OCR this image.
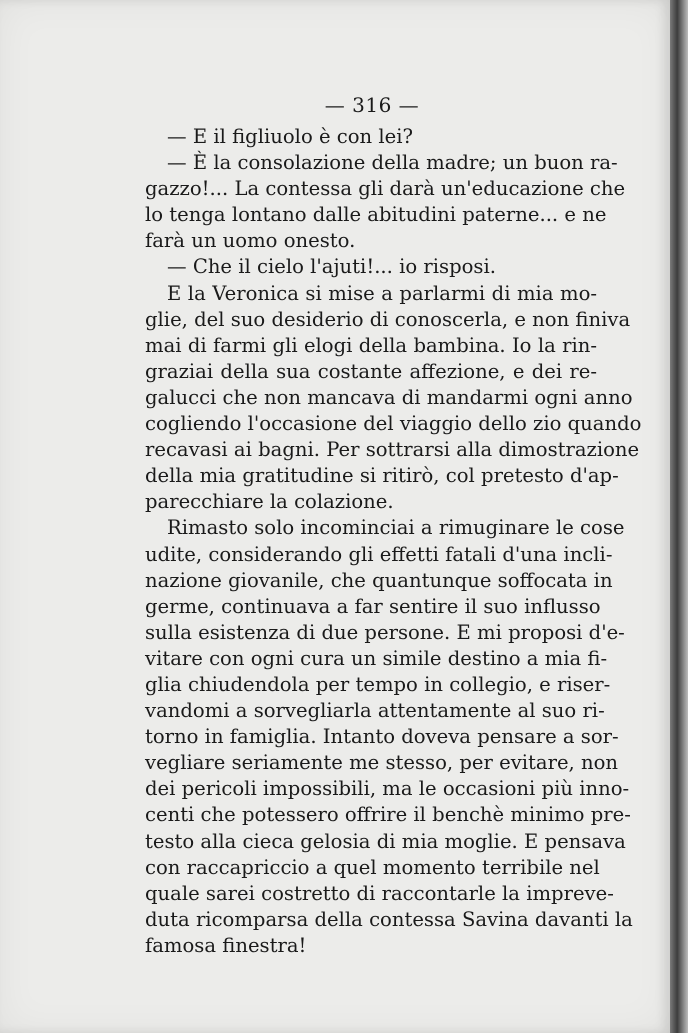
— 316 —
— E il figliuolo è con lei?
— È la consolazione della madre; un buon ra-
gazzo!... La contessa gli darà un'educazione che
lo tenga lontano dalle abitudini paterne... e ne
farà un uomo onesto.
— Che il cielo l'ajuti!... io risposi.
E la Veronica si mise a parlarmi di mia mo-
glie, del suo desiderio di conoscerla, e non finiva
mai di farmi gli elogi della bambina. Io la rin-
graziai della sua costante affezione, e dei re-
galucci che non mancava di mandarmi ogni anno
cogliendo l'occasione del viaggio dello zio quando
recavasi ai bagni. Per sottrarsi alla dimostrazione
della mia gratitudine si ritirò, col pretesto d'ap-
parecchiare la colazione.
Rimasto solo incominciai a rimuginare le cose
udite, considerando gli effetti fatali d'una incli-
nazione giovanile, che quantunque soffocata in
germe, continuava a far sentire il suo influsso
sulla esistenza di due persone. E mi proposi d'e-
vitare con ogni cura un simile destino a mia fi-
glia chiudendola per tempo in collegio, e riser-
vandomi a sorvegliarla attentamente al suo ri-
torno in famiglia. Intanto doveva pensare a sor-
vegliare seriamente me stesso, per evitare, non
dei pericoli impossibili, ma le occasioni più inno-
centi che potessero offrire il benchè minimo pre-
testo alla cieca gelosia di mia moglie. E pensava
con raccapriccio a quel momento terribile nel
quale sarei costretto di raccontarle la impreve-
duta ricomparsa della contessa Savina davanti la
famosa finestra!
